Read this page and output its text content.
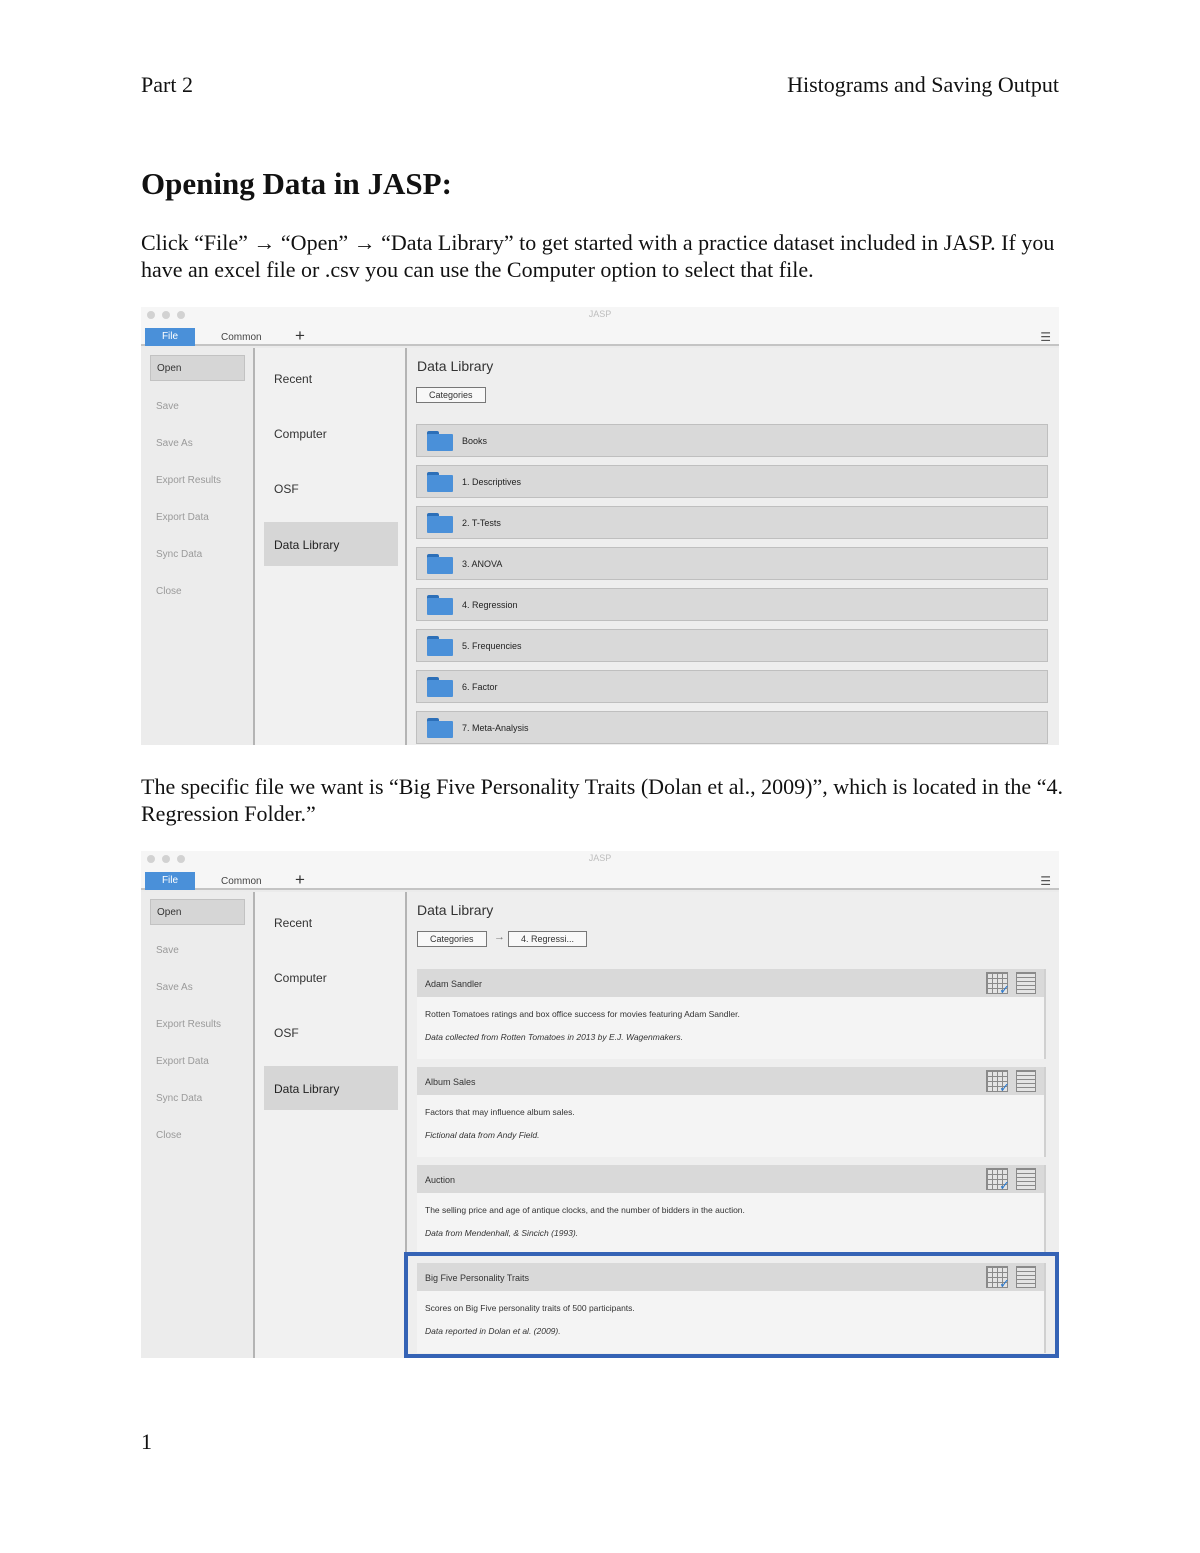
Part 2	Histograms and Saving Output
Opening Data in JASP:
Click “File” → “Open” → “Data Library” to get started with a practice dataset included in JASP. If you have an excel file or .csv you can use the Computer option to select that file.
JASP
File	Common +	☰
Open
Save
Save As
Export Results
Export Data
Sync Data
Close
Recent
Computer
OSF
Data Library
Data Library
Categories
Books
1. Descriptives
2. T-Tests
3. ANOVA
4. Regression
5. Frequencies
6. Factor
7. Meta-Analysis
The specific file we want is “Big Five Personality Traits (Dolan et al., 2009)”, which is located in the “4. Regression Folder.”
JASP
File	Common +	☰
Open
Save
Save As
Export Results
Export Data
Sync Data
Close
Recent
Computer
OSF
Data Library
Data Library
Categories	→	4. Regressi...
Adam Sandler	✓
Rotten Tomatoes ratings and box office success for movies featuring Adam Sandler.
Data collected from Rotten Tomatoes in 2013 by E.J. Wagenmakers.
Album Sales	✓
Factors that may influence album sales.
Fictional data from Andy Field.
Auction	✓
The selling price and age of antique clocks, and the number of bidders in the auction.
Data from Mendenhall, & Sincich (1993).
Big Five Personality Traits	✓
Scores on Big Five personality traits of 500 participants.
Data reported in Dolan et al. (2009).
1
